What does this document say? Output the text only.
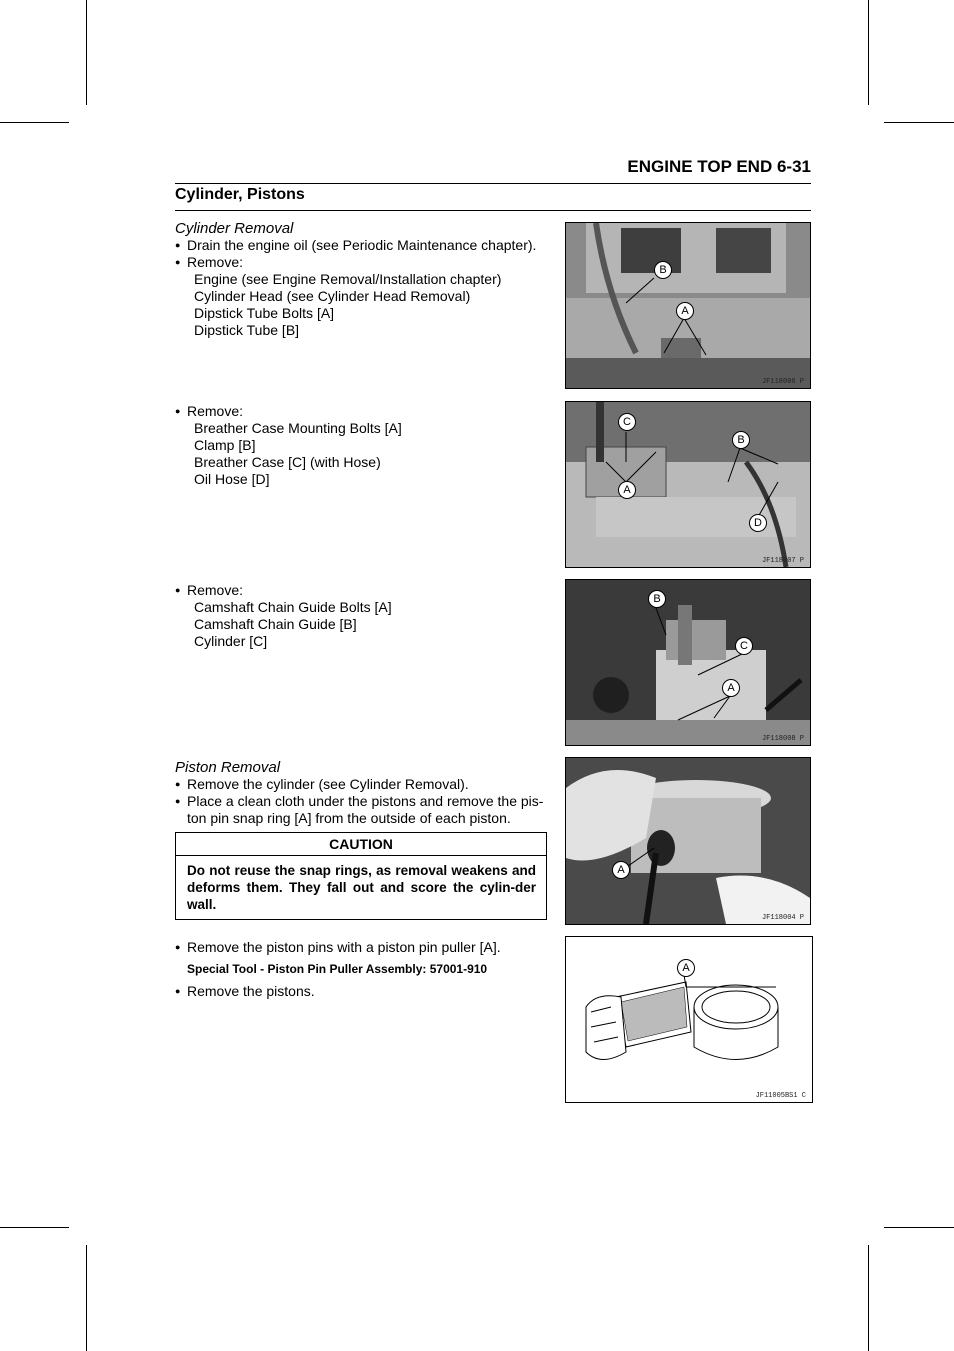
ENGINE TOP END 6-31
Cylinder, Pistons
Cylinder Removal
● Drain the engine oil (see Periodic Maintenance chapter).
● Remove:
Engine (see Engine Removal/Installation chapter)
Cylinder Head (see Cylinder Head Removal)
Dipstick Tube Bolts [A]
Dipstick Tube [B]
● Remove:
Breather Case Mounting Bolts [A]
Clamp [B]
Breather Case [C] (with Hose)
Oil Hose [D]
● Remove:
Camshaft Chain Guide Bolts [A]
Camshaft Chain Guide [B]
Cylinder [C]
Piston Removal
● Remove the cylinder (see Cylinder Removal).
● Place a clean cloth under the pistons and remove the pis-
ton pin snap ring [A] from the outside of each piston.
CAUTION
Do not reuse the snap rings, as removal weakens and deforms them. They fall out and score the cylin-der wall.
● Remove the piston pins with a piston pin puller [A].
Special Tool - Piston Pin Puller Assembly: 57001-910
● Remove the pistons.
JF118006 P
B
A
JF118007 P
C
B
A
D
JF118008 P
B
C
A
JF118004 P
A
JF11005BS1 C
A
